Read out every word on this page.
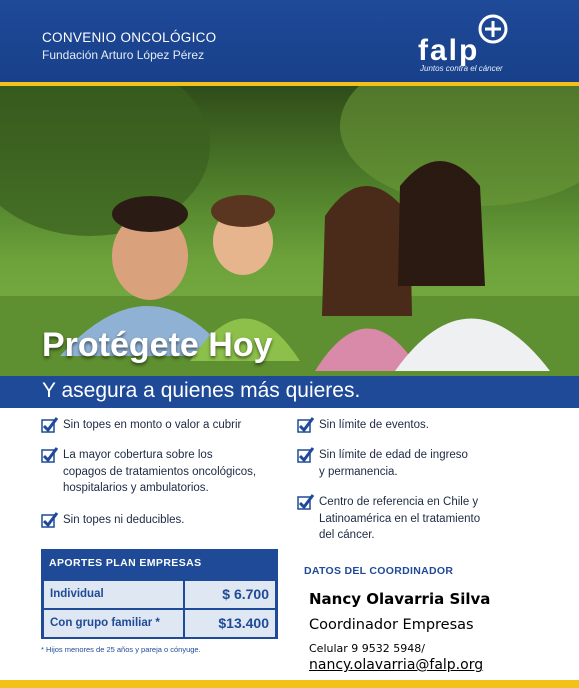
CONVENIO ONCOLÓGICO
Fundación Arturo López Pérez	falp
Juntos contra el cáncer
Protégete Hoy
Y asegura a quienes más quieres.
Sin topes en monto o valor a cubrir
La mayor cobertura sobre los
copagos de tratamientos oncológicos,
hospitalarios y ambulatorios.
Sin topes ni deducibles.
Sin límite de eventos.
Sin límite de edad de ingreso
y permanencia.
Centro de referencia en Chile y
Latinoamérica en el tratamiento
del cáncer.
APORTES PLAN EMPRESAS
Individual	$ 6.700
Con grupo familiar *	$13.400
* Hijos menores de 25 años y pareja o cónyuge.
DATOS DEL COORDINADOR
Nancy Olavarria Silva
Coordinador Empresas
Celular 9 9532 5948/
nancy.olavarria@falp.org
